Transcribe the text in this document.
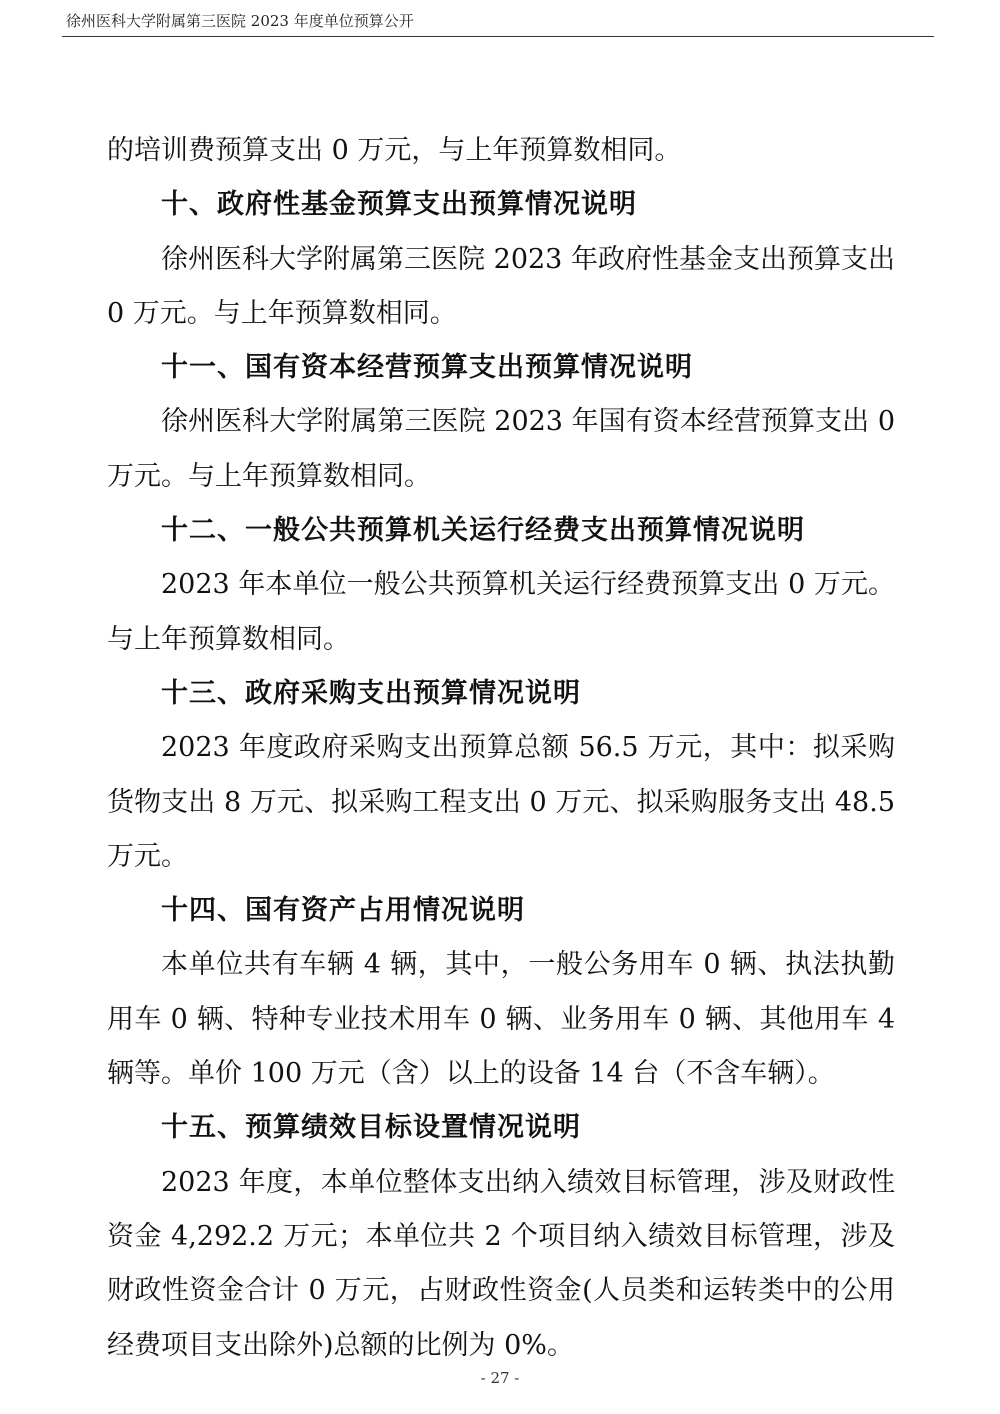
徐州医科大学附属第三医院 2023 年度单位预算公开

的培训费预算支出 0 万元，与上年预算数相同。

十、政府性基金预算支出预算情况说明

徐州医科大学附属第三医院 2023 年政府性基金支出预算支出 0 万元。与上年预算数相同。

十一、国有资本经营预算支出预算情况说明

徐州医科大学附属第三医院 2023 年国有资本经营预算支出 0 万元。与上年预算数相同。

十二、一般公共预算机关运行经费支出预算情况说明

2023 年本单位一般公共预算机关运行经费预算支出 0 万元。与上年预算数相同。

十三、政府采购支出预算情况说明

2023 年度政府采购支出预算总额 56.5 万元，其中：拟采购货物支出 8 万元、拟采购工程支出 0 万元、拟采购服务支出 48.5 万元。

十四、国有资产占用情况说明

本单位共有车辆 4 辆，其中，一般公务用车 0 辆、执法执勤用车 0 辆、特种专业技术用车 0 辆、业务用车 0 辆、其他用车 4 辆等。单价 100 万元（含）以上的设备 14 台（不含车辆）。

十五、预算绩效目标设置情况说明

2023 年度，本单位整体支出纳入绩效目标管理，涉及财政性资金 4,292.2 万元；本单位共 2 个项目纳入绩效目标管理，涉及财政性资金合计 0 万元，占财政性资金(人员类和运转类中的公用经费项目支出除外)总额的比例为 0%。

- 27 -
